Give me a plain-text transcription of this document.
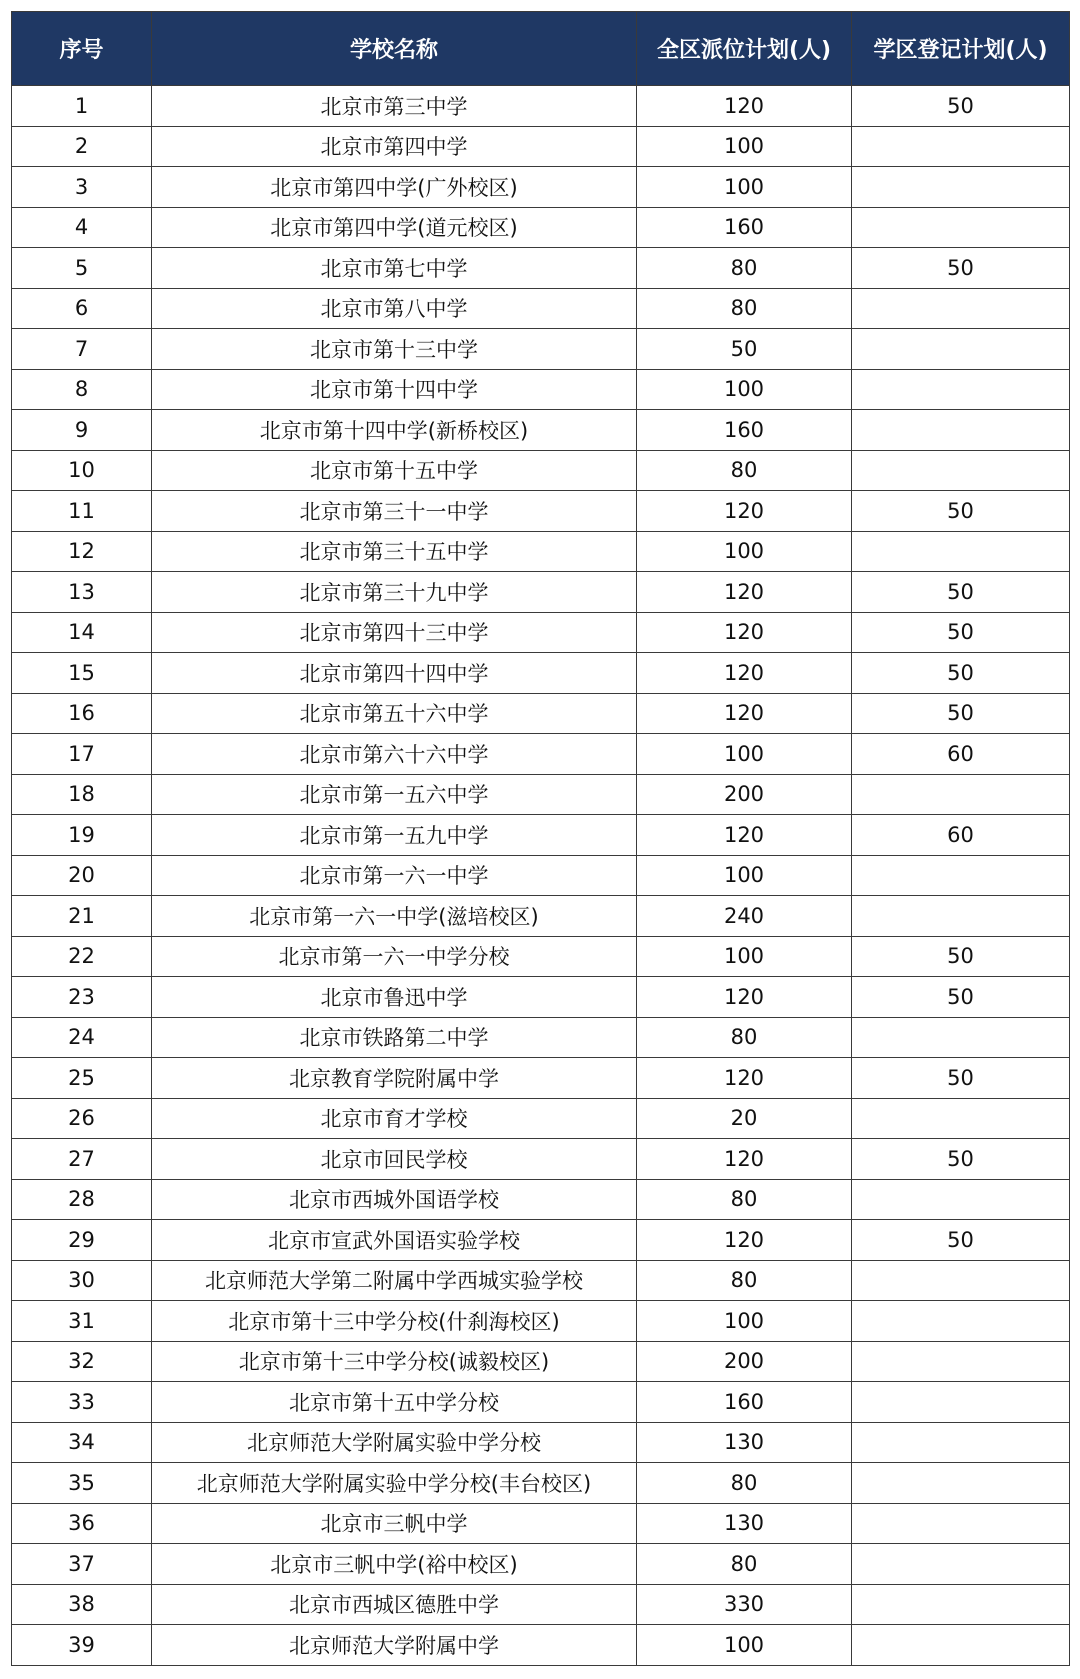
序号	学校名称	全区派位计划(人)	学区登记计划(人)
1	北京市第三中学	120	50
2	北京市第四中学	100	
3	北京市第四中学(广外校区)	100	
4	北京市第四中学(道元校区)	160	
5	北京市第七中学	80	50
6	北京市第八中学	80	
7	北京市第十三中学	50	
8	北京市第十四中学	100	
9	北京市第十四中学(新桥校区)	160	
10	北京市第十五中学	80	
11	北京市第三十一中学	120	50
12	北京市第三十五中学	100	
13	北京市第三十九中学	120	50
14	北京市第四十三中学	120	50
15	北京市第四十四中学	120	50
16	北京市第五十六中学	120	50
17	北京市第六十六中学	100	60
18	北京市第一五六中学	200	
19	北京市第一五九中学	120	60
20	北京市第一六一中学	100	
21	北京市第一六一中学(滋培校区)	240	
22	北京市第一六一中学分校	100	50
23	北京市鲁迅中学	120	50
24	北京市铁路第二中学	80	
25	北京教育学院附属中学	120	50
26	北京市育才学校	20	
27	北京市回民学校	120	50
28	北京市西城外国语学校	80	
29	北京市宣武外国语实验学校	120	50
30	北京师范大学第二附属中学西城实验学校	80	
31	北京市第十三中学分校(什刹海校区)	100	
32	北京市第十三中学分校(诚毅校区)	200	
33	北京市第十五中学分校	160	
34	北京师范大学附属实验中学分校	130	
35	北京师范大学附属实验中学分校(丰台校区)	80	
36	北京市三帆中学	130	
37	北京市三帆中学(裕中校区)	80	
38	北京市西城区德胜中学	330	
39	北京师范大学附属中学	100	
